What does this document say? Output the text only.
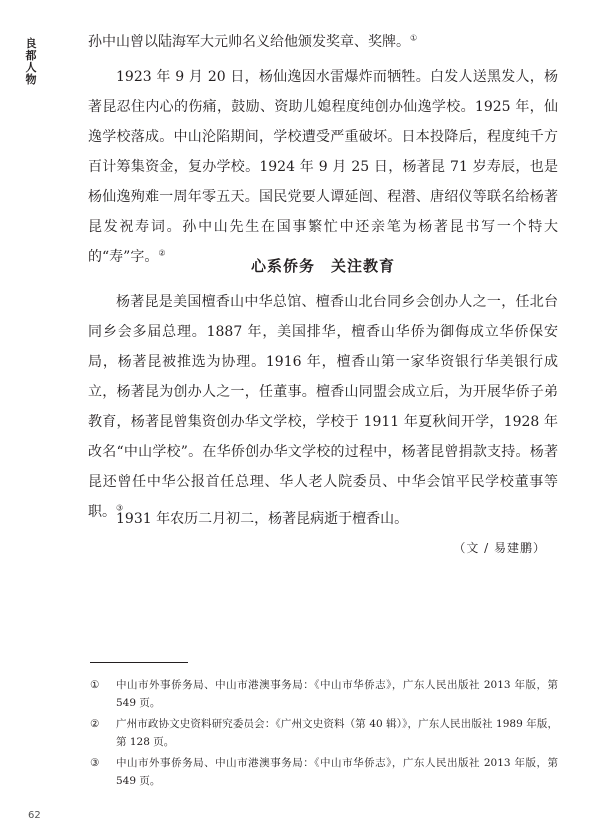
良
都
人
物

孙中山曾以陆海军大元帅名义给他颁发奖章、奖牌。①

1923 年 9 月 20 日，杨仙逸因水雷爆炸而牺牲。白发人送黑发人，杨著昆忍住内心的伤痛，鼓励、资助儿媳程度纯创办仙逸学校。1925 年，仙逸学校落成。中山沦陷期间，学校遭受严重破坏。日本投降后，程度纯千方百计筹集资金，复办学校。1924 年 9 月 25 日，杨著昆 71 岁寿辰，也是杨仙逸殉难一周年零五天。国民党要人谭延闿、程潜、唐绍仪等联名给杨著昆发祝寿词。孙中山先生在国事繁忙中还亲笔为杨著昆书写一个特大的“寿”字。②

心系侨务　关注教育

杨著昆是美国檀香山中华总馆、檀香山北台同乡会创办人之一，任北台同乡会多届总理。1887 年，美国排华，檀香山华侨为御侮成立华侨保安局，杨著昆被推选为协理。1916 年，檀香山第一家华资银行华美银行成立，杨著昆为创办人之一，任董事。檀香山同盟会成立后，为开展华侨子弟教育，杨著昆曾集资创办华文学校，学校于 1911 年夏秋间开学，1928 年改名“中山学校”。在华侨创办华文学校的过程中，杨著昆曾捐款支持。杨著昆还曾任中华公报首任总理、华人老人院委员、中华会馆平民学校董事等职。③

1931 年农历二月初二，杨著昆病逝于檀香山。

（文 / 易建鹏）
① 中山市外事侨务局、中山市港澳事务局：《中山市华侨志》，广东人民出版社 2013 年版，第 549 页。
② 广州市政协文史资料研究委员会：《广州文史资料（第 40 辑）》，广东人民出版社 1989 年版，第 128 页。
③ 中山市外事侨务局、中山市港澳事务局：《中山市华侨志》，广东人民出版社 2013 年版，第 549 页。
62
